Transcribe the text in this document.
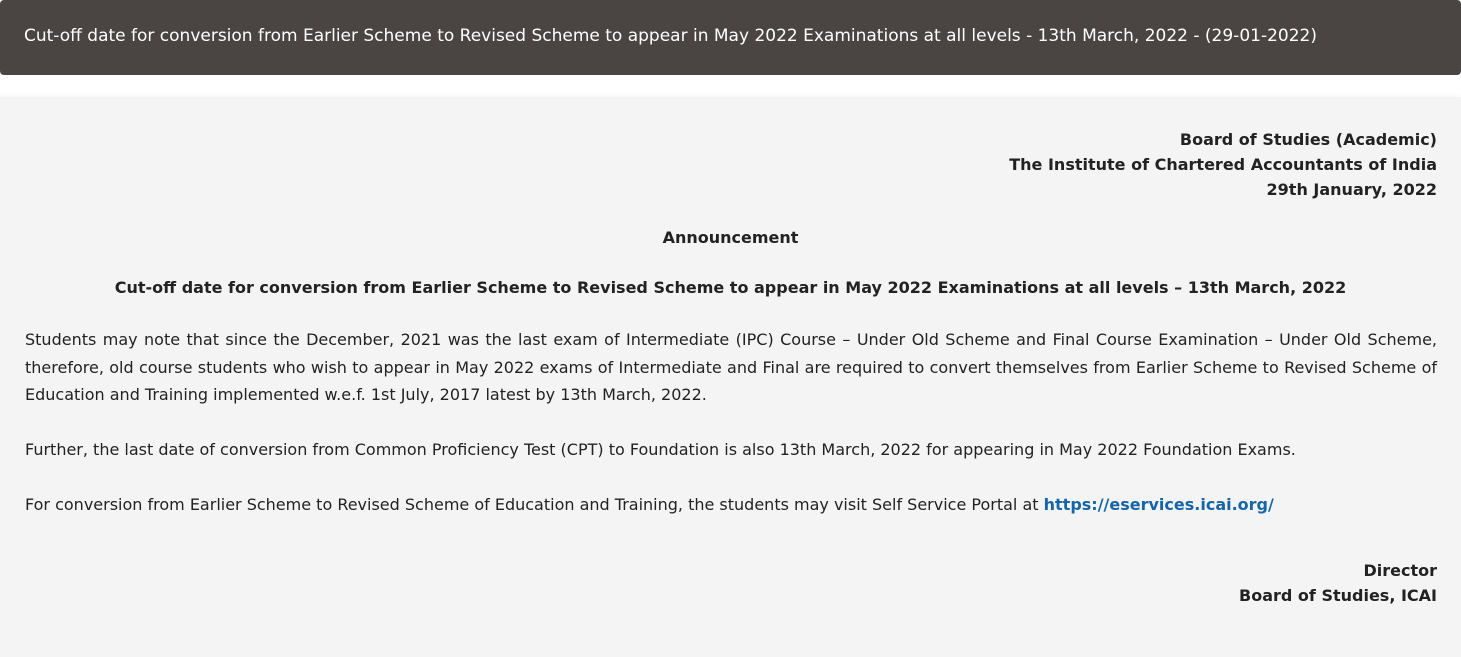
Cut-off date for conversion from Earlier Scheme to Revised Scheme to appear in May 2022 Examinations at all levels - 13th March, 2022 - (29-01-2022)
Board of Studies (Academic)
The Institute of Chartered Accountants of India
29th January, 2022
Announcement
Cut-off date for conversion from Earlier Scheme to Revised Scheme to appear in May 2022 Examinations at all levels – 13th March, 2022
Students may note that since the December, 2021 was the last exam of Intermediate (IPC) Course – Under Old Scheme and Final Course Examination – Under Old Scheme, therefore, old course students who wish to appear in May 2022 exams of Intermediate and Final are required to convert themselves from Earlier Scheme to Revised Scheme of Education and Training implemented w.e.f. 1st July, 2017 latest by 13th March, 2022.
Further, the last date of conversion from Common Proficiency Test (CPT) to Foundation is also 13th March, 2022 for appearing in May 2022 Foundation Exams.
For conversion from Earlier Scheme to Revised Scheme of Education and Training, the students may visit Self Service Portal at https://eservices.icai.org/
Director
Board of Studies, ICAI
